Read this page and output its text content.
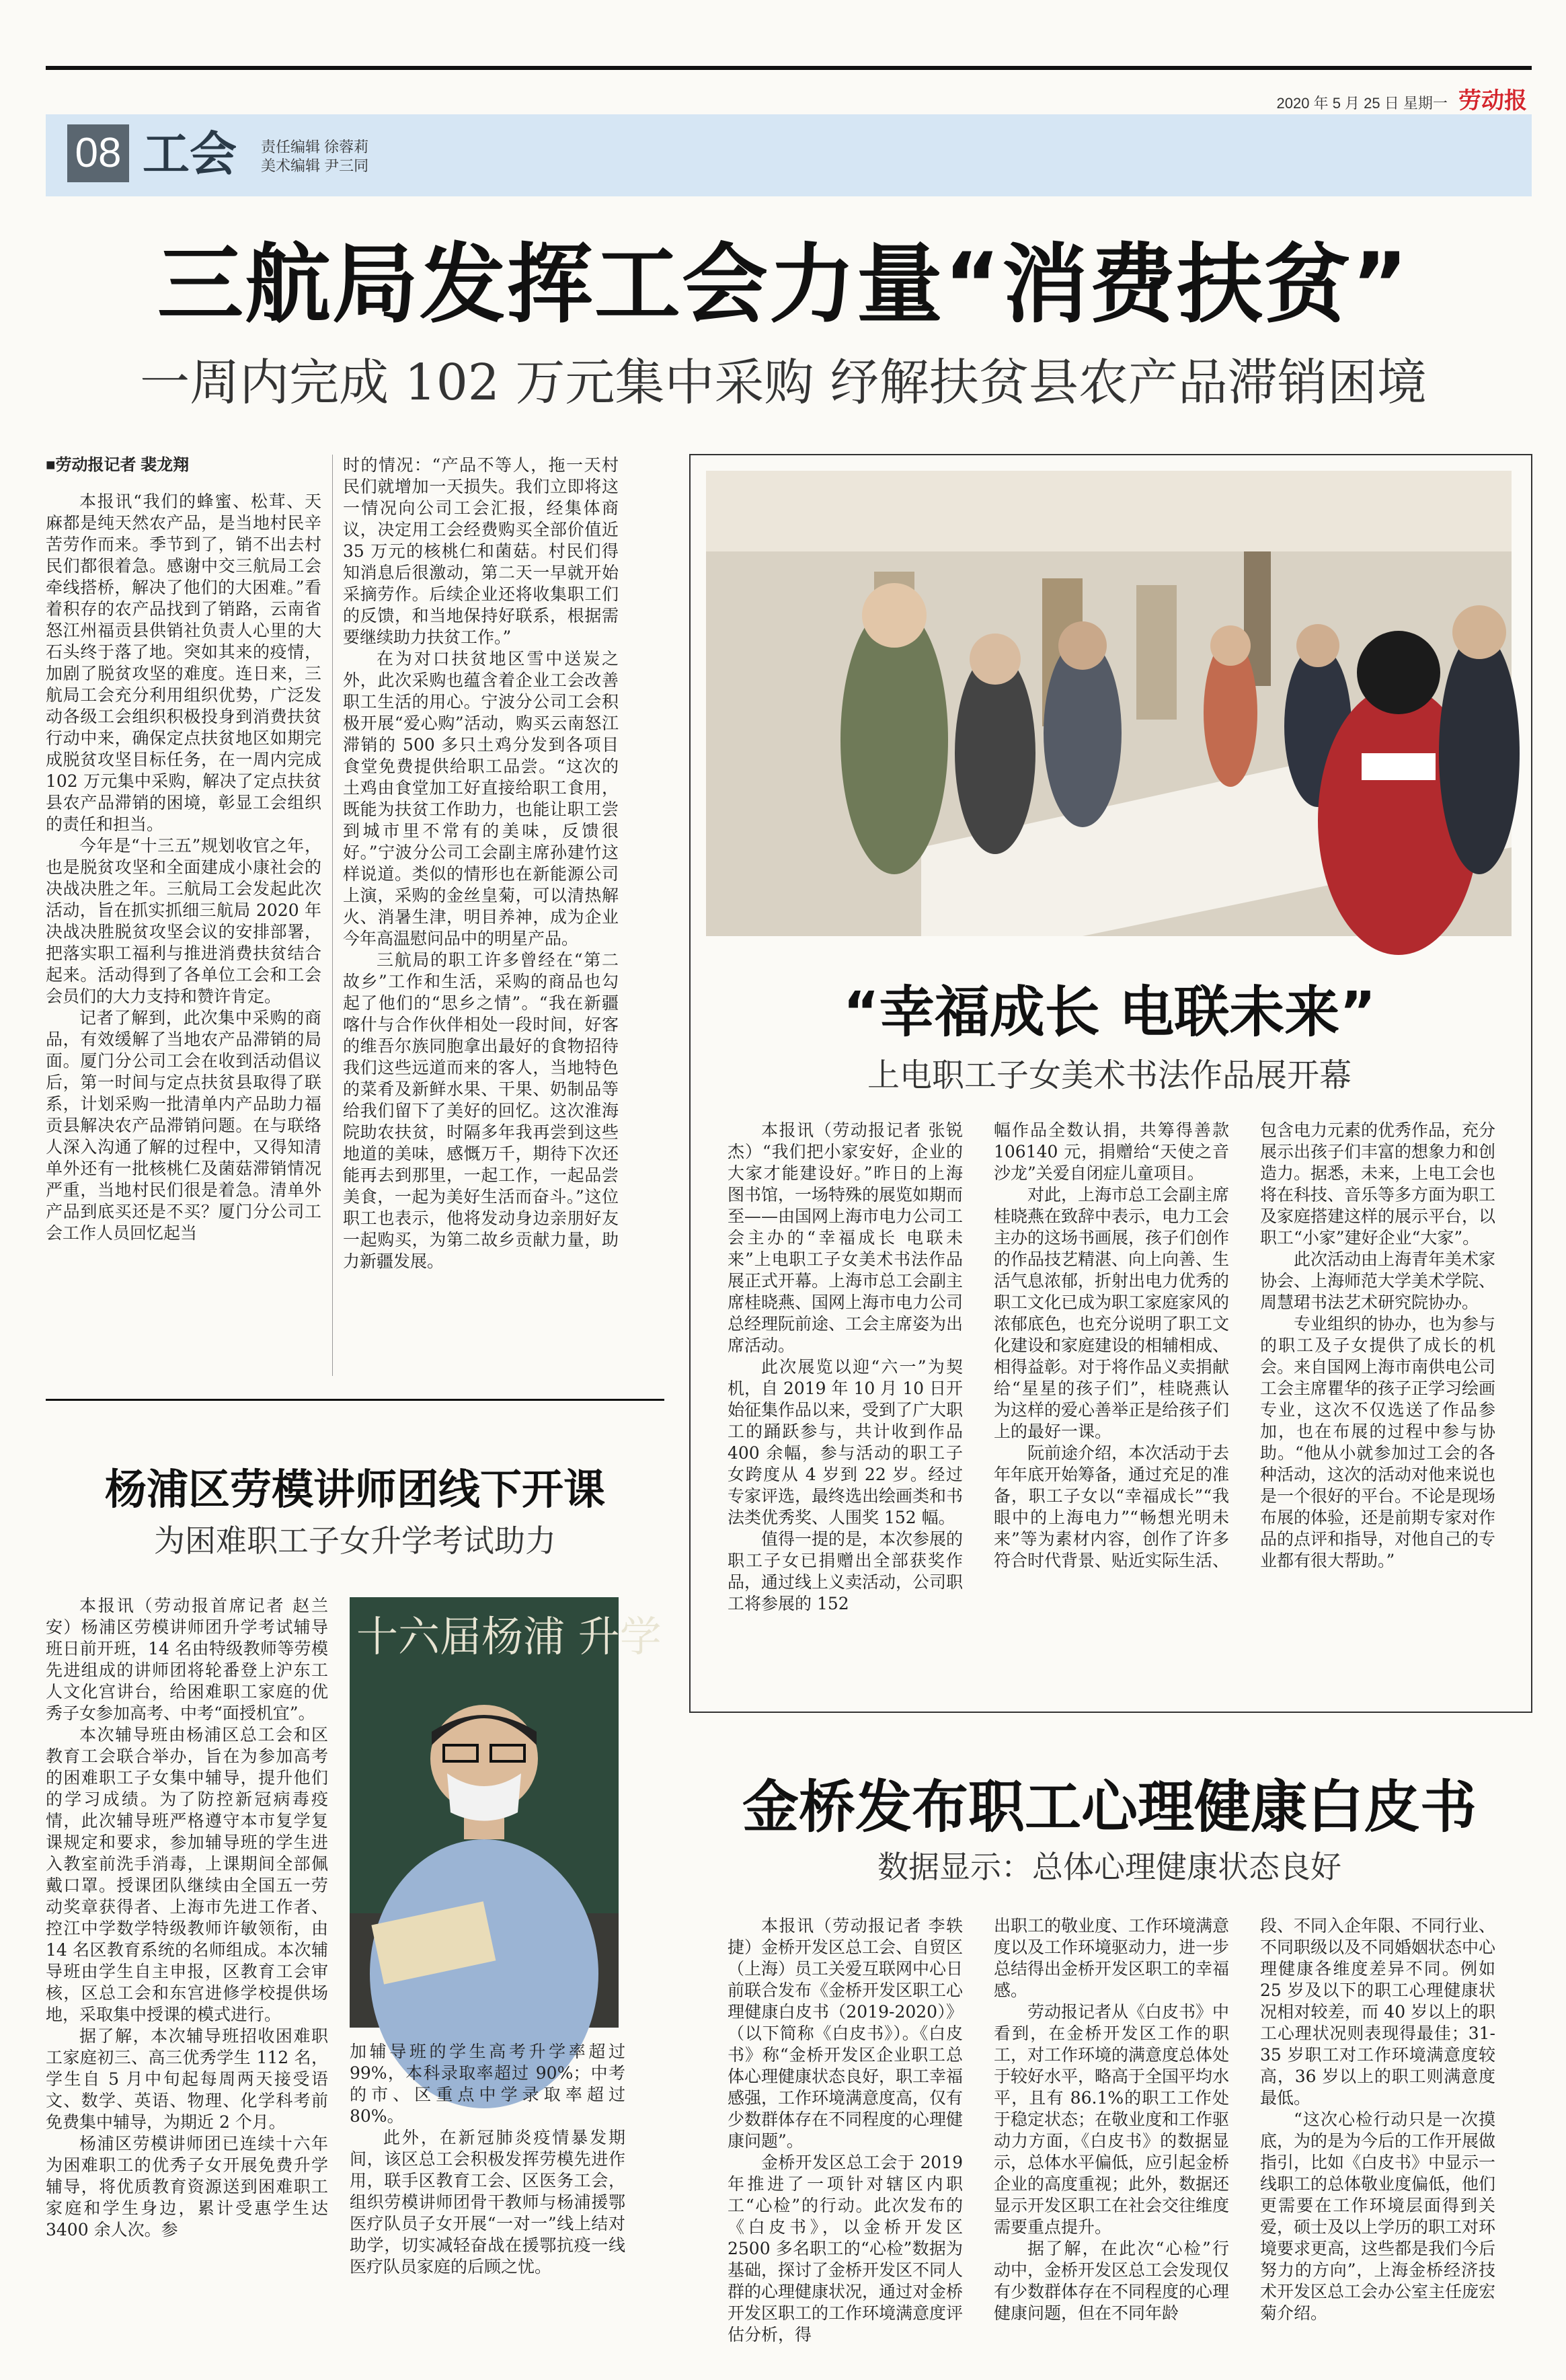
2020 年 5 月 25 日 星期一 劳动报
08 工会 责任编辑 徐蓉莉
美术编辑 尹三同
三航局发挥工会力量“消费扶贫”
一周内完成 102 万元集中采购 纾解扶贫县农产品滞销困境
■劳动报记者 裴龙翔

本报讯“我们的蜂蜜、松茸、天麻都是纯天然农产品，是当地村民辛苦劳作而来。季节到了，销不出去村民们都很着急。感谢中交三航局工会牵线搭桥，解决了他们的大困难。”看着积存的农产品找到了销路，云南省怒江州福贡县供销社负责人心里的大石头终于落了地。突如其来的疫情，加剧了脱贫攻坚的难度。连日来，三航局工会充分利用组织优势，广泛发动各级工会组织积极投身到消费扶贫行动中来，确保定点扶贫地区如期完成脱贫攻坚目标任务，在一周内完成 102 万元集中采购，解决了定点扶贫县农产品滞销的困境，彰显工会组织的责任和担当。

今年是“十三五”规划收官之年，也是脱贫攻坚和全面建成小康社会的决战决胜之年。三航局工会发起此次活动，旨在抓实抓细三航局 2020 年决战决胜脱贫攻坚会议的安排部署，把落实职工福利与推进消费扶贫结合起来。活动得到了各单位工会和工会会员们的大力支持和赞许肯定。

记者了解到，此次集中采购的商品，有效缓解了当地农产品滞销的局面。厦门分公司工会在收到活动倡议后，第一时间与定点扶贫县取得了联系，计划采购一批清单内产品助力福贡县解决农产品滞销问题。在与联络人深入沟通了解的过程中，又得知清单外还有一批核桃仁及菌菇滞销情况严重，当地村民们很是着急。清单外产品到底买还是不买？厦门分公司工会工作人员回忆起当

时的情况：“产品不等人，拖一天村民们就增加一天损失。我们立即将这一情况向公司工会汇报，经集体商议，决定用工会经费购买全部价值近 35 万元的核桃仁和菌菇。村民们得知消息后很激动，第二天一早就开始采摘劳作。后续企业还将收集职工们的反馈，和当地保持好联系，根据需要继续助力扶贫工作。”

在为对口扶贫地区雪中送炭之外，此次采购也蕴含着企业工会改善职工生活的用心。宁波分公司工会积极开展“爱心购”活动，购买云南怒江滞销的 500 多只土鸡分发到各项目食堂免费提供给职工品尝。“这次的土鸡由食堂加工好直接给职工食用，既能为扶贫工作助力，也能让职工尝到城市里不常有的美味，反馈很好。”宁波分公司工会副主席孙建竹这样说道。类似的情形也在新能源公司上演，采购的金丝皇菊，可以清热解火、消暑生津，明目养神，成为企业今年高温慰问品中的明星产品。

三航局的职工许多曾经在“第二故乡”工作和生活，采购的商品也勾起了他们的“思乡之情”。“我在新疆喀什与合作伙伴相处一段时间，好客的维吾尔族同胞拿出最好的食物招待我们这些远道而来的客人，当地特色的菜肴及新鲜水果、干果、奶制品等给我们留下了美好的回忆。这次淮海院助农扶贫，时隔多年我再尝到这些地道的美味，感慨万千，期待下次还能再去到那里，一起工作，一起品尝美食，一起为美好生活而奋斗。”这位职工也表示，他将发动身边亲朋好友一起购买，为第二故乡贡献力量，助力新疆发展。

“幸福成长 电联未来”
上电职工子女美术书法作品展开幕

本报讯（劳动报记者 张锐杰）“我们把小家安好，企业的大家才能建设好。”昨日的上海图书馆，一场特殊的展览如期而至——由国网上海市电力公司工会主办的“幸福成长 电联未来”上电职工子女美术书法作品展正式开幕。上海市总工会副主席桂晓燕、国网上海市电力公司总经理阮前途、工会主席姿为出席活动。

此次展览以迎“六一”为契机，自 2019 年 10 月 10 日开始征集作品以来，受到了广大职工的踊跃参与，共计收到作品 400 余幅，参与活动的职工子女跨度从 4 岁到 22 岁。经过专家评选，最终选出绘画类和书法类优秀奖、人围奖 152 幅。

值得一提的是，本次参展的职工子女已捐赠出全部获奖作品，通过线上义卖活动，公司职工将参展的 152

幅作品全数认捐，共筹得善款 106140 元，捐赠给“天使之音沙龙”关爱自闭症儿童项目。

对此，上海市总工会副主席桂晓燕在致辞中表示，电力工会主办的这场书画展，孩子们创作的作品技艺精湛、向上向善、生活气息浓郁，折射出电力优秀的职工文化已成为职工家庭家风的浓郁底色，也充分说明了职工文化建设和家庭建设的相辅相成、相得益彰。对于将作品义卖捐献给“星星的孩子们”，桂晓燕认为这样的爱心善举正是给孩子们上的最好一课。

阮前途介绍，本次活动于去年年底开始筹备，通过充足的准备，职工子女以“幸福成长”“我眼中的上海电力”“畅想光明未来”等为素材内容，创作了许多符合时代背景、贴近实际生活、

包含电力元素的优秀作品，充分展示出孩子们丰富的想象力和创造力。据悉，未来，上电工会也将在科技、音乐等多方面为职工及家庭搭建这样的展示平台，以职工“小家”建好企业“大家”。

此次活动由上海青年美术家协会、上海师范大学美术学院、周慧珺书法艺术研究院协办。

专业组织的协办，也为参与的职工及子女提供了成长的机会。来自国网上海市南供电公司工会主席瞿华的孩子正学习绘画专业，这次不仅选送了作品参加，也在布展的过程中参与协助。“他从小就参加过工会的各种活动，这次的活动对他来说也是一个很好的平台。不论是现场布展的体验，还是前期专家对作品的点评和指导，对他自己的专业都有很大帮助。”

杨浦区劳模讲师团线下开课
为困难职工子女升学考试助力

本报讯（劳动报首席记者 赵兰安）杨浦区劳模讲师团升学考试辅导班日前开班，14 名由特级教师等劳模先进组成的讲师团将轮番登上沪东工人文化宫讲台，给困难职工家庭的优秀子女参加高考、中考“面授机宜”。

本次辅导班由杨浦区总工会和区教育工会联合举办，旨在为参加高考的困难职工子女集中辅导，提升他们的学习成绩。为了防控新冠病毒疫情，此次辅导班严格遵守本市复学复课规定和要求，参加辅导班的学生进入教室前洗手消毒，上课期间全部佩戴口罩。授课团队继续由全国五一劳动奖章获得者、上海市先进工作者、控江中学数学特级教师许敏领衔，由 14 名区教育系统的名师组成。本次辅导班由学生自主申报，区教育工会审核，区总工会和东宫进修学校提供场地，采取集中授课的模式进行。

据了解，本次辅导班招收困难职工家庭初三、高三优秀学生 112 名，学生自 5 月中旬起每周两天接受语文、数学、英语、物理、化学科考前免费集中辅导，为期近 2 个月。

杨浦区劳模讲师团已连续十六年为困难职工的优秀子女开展免费升学辅导，将优质教育资源送到困难职工家庭和学生身边，累计受惠学生达 3400 余人次。参

十六届杨浦 升学

加辅导班的学生高考升学率超过 99%，本科录取率超过 90%；中考的市、区重点中学录取率超过 80%。

此外，在新冠肺炎疫情暴发期间，该区总工会积极发挥劳模先进作用，联手区教育工会、区医务工会，组织劳模讲师团骨干教师与杨浦援鄂医疗队员子女开展“一对一”线上结对助学，切实减轻奋战在援鄂抗疫一线医疗队员家庭的后顾之忧。

金桥发布职工心理健康白皮书
数据显示：总体心理健康状态良好

本报讯（劳动报记者 李轶捷）金桥开发区总工会、自贸区（上海）员工关爱互联网中心日前联合发布《金桥开发区职工心理健康白皮书（2019-2020）》（以下简称《白皮书》）。《白皮书》称“金桥开发区企业职工总体心理健康状态良好，职工幸福感强，工作环境满意度高，仅有少数群体存在不同程度的心理健康问题”。

金桥开发区总工会于 2019 年推进了一项针对辖区内职工“心检”的行动。此次发布的《白皮书》，以金桥开发区 2500 多名职工的“心检”数据为基础，探讨了金桥开发区不同人群的心理健康状况，通过对金桥开发区职工的工作环境满意度评估分析，得

出职工的敬业度、工作环境满意度以及工作环境驱动力，进一步总结得出金桥开发区职工的幸福感。

劳动报记者从《白皮书》中看到，在金桥开发区工作的职工，对工作环境的满意度总体处于较好水平，略高于全国平均水平，且有 86.1%的职工工作处于稳定状态；在敬业度和工作驱动力方面，《白皮书》的数据显示，总体水平偏低，应引起金桥企业的高度重视；此外，数据还显示开发区职工在社会交往维度需要重点提升。

据了解，在此次“心检”行动中，金桥开发区总工会发现仅有少数群体存在不同程度的心理健康问题，但在不同年龄

段、不同入企年限、不同行业、不同职级以及不同婚姻状态中心理健康各维度差异不同。例如 25 岁及以下的职工心理健康状况相对较差，而 40 岁以上的职工心理状况则表现得最佳；31-35 岁职工对工作环境满意度较高，36 岁以上的职工则满意度最低。

“这次心检行动只是一次摸底，为的是为今后的工作开展做指引，比如《白皮书》中显示一线职工的总体敬业度偏低，他们更需要在工作环境层面得到关爱，硕士及以上学历的职工对环境要求更高，这些都是我们今后努力的方向”，上海金桥经济技术开发区总工会办公室主任庞宏菊介绍。
